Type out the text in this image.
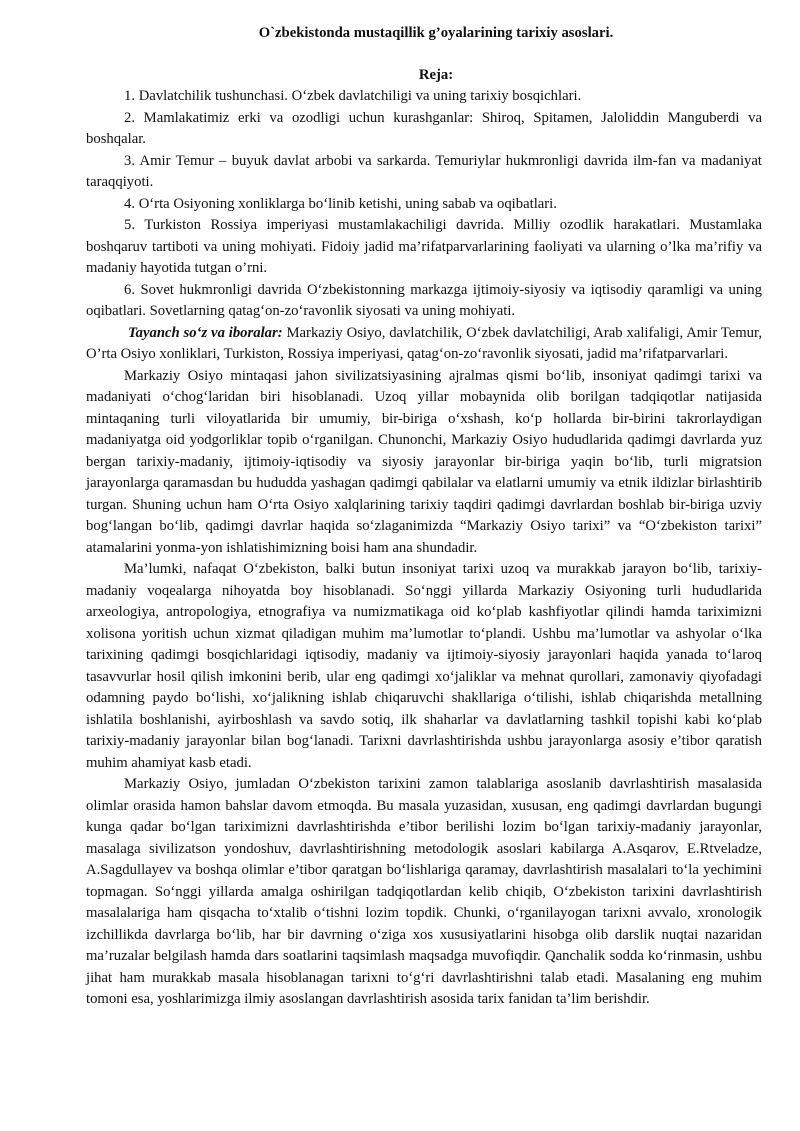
O`zbekistonda mustaqillik g’oyalarining tarixiy asoslari.
Reja:

1. Davlatchilik tushunchasi. O‘zbek davlatchiligi va uning tarixiy bosqichlari.

2. Mamlakatimiz erki va ozodligi uchun kurashganlar: Shiroq, Spitamen, Jaloliddin Manguberdi va boshqalar.

3. Amir Temur – buyuk davlat arbobi va sarkarda. Temuriylar hukmronligi davrida ilm-fan va madaniyat taraqqiyoti.

4. O‘rta Osiyoning xonliklarga bo‘linib ketishi, uning sabab va oqibatlari.

5. Turkiston Rossiya imperiyasi mustamlakachiligi davrida. Milliy ozodlik harakatlari. Mustamlaka boshqaruv tartiboti va uning mohiyati. Fidoiy jadid ma’rifatparvarlarining faoliyati va ularning o’lka ma’rifiy va madaniy hayotida tutgan o’rni.

6. Sovet hukmronligi davrida O‘zbekistonning markazga ijtimoiy-siyosiy va iqtisodiy qaramligi va uning oqibatlari. Sovetlarning qatag‘on-zo‘ravonlik siyosati va uning mohiyati.

Tayanch so‘z va iboralar: Markaziy Osiyo, davlatchilik, O‘zbek davlatchiligi, Arab xalifaligi, Amir Temur, O’rta Osiyo xonliklari, Turkiston, Rossiya imperiyasi, qatag‘on-zo‘ravonlik siyosati, jadid ma’rifatparvarlari.

Markaziy Osiyo mintaqasi jahon sivilizatsiyasining ajralmas qismi bo‘lib, insoniyat qadimgi tarixi va madaniyati o‘chog‘laridan biri hisoblanadi. Uzoq yillar mobaynida olib borilgan tadqiqotlar natijasida mintaqaning turli viloyatlarida bir umumiy, bir-biriga o‘xshash, ko‘p hollarda bir-birini takrorlaydigan madaniyatga oid yodgorliklar topib o‘rganilgan. Chunonchi, Markaziy Osiyo hududlarida qadimgi davrlarda yuz bergan tarixiy-madaniy, ijtimoiy-iqtisodiy va siyosiy jarayonlar bir-biriga yaqin bo‘lib, turli migratsion jarayonlarga qaramasdan bu hududda yashagan qadimgi qabilalar va elatlarni umumiy va etnik ildizlar birlashtirib turgan. Shuning uchun ham O‘rta Osiyo xalqlarining tarixiy taqdiri qadimgi davrlardan boshlab bir-biriga uzviy bog‘langan bo‘lib, qadimgi davrlar haqida so‘zlaganimizda “Markaziy Osiyo tarixi” va “O‘zbekiston tarixi” atamalarini yonma-yon ishlatishimizning boisi ham ana shundadir.

Ma’lumki, nafaqat O‘zbekiston, balki butun insoniyat tarixi uzoq va murakkab jarayon bo‘lib, tarixiy-madaniy voqealarga nihoyatda boy hisoblanadi. So‘nggi yillarda Markaziy Osiyoning turli hududlarida arxeologiya, antropologiya, etnografiya va numizmatikaga oid ko‘plab kashfiyotlar qilindi hamda tariximizni xolisona yoritish uchun xizmat qiladigan muhim ma’lumotlar to‘plandi. Ushbu ma’lumotlar va ashyolar o‘lka tarixining qadimgi bosqichlaridagi iqtisodiy, madaniy va ijtimoiy-siyosiy jarayonlari haqida yanada to‘laroq tasavvurlar hosil qilish imkonini berib, ular eng qadimgi xo‘jaliklar va mehnat qurollari, zamonaviy qiyofadagi odamning paydo bo‘lishi, xo‘jalikning ishlab chiqaruvchi shakllariga o‘tilishi, ishlab chiqarishda metallning ishlatila boshlanishi, ayirboshlash va savdo sotiq, ilk shaharlar va davlatlarning tashkil topishi kabi ko‘plab tarixiy-madaniy jarayonlar bilan bog‘lanadi. Tarixni davrlashtirishda ushbu jarayonlarga asosiy e’tibor qaratish muhim ahamiyat kasb etadi.

Markaziy Osiyo, jumladan O‘zbekiston tarixini zamon talablariga asoslanib davrlashtirish masalasida olimlar orasida hamon bahslar davom etmoqda. Bu masala yuzasidan, xususan, eng qadimgi davrlardan bugungi kunga qadar bo‘lgan tariximizni davrlashtirishda e’tibor berilishi lozim bo‘lgan tarixiy-madaniy jarayonlar, masalaga sivilizatson yondoshuv, davrlashtirishning metodologik asoslari kabilarga A.Asqarov, E.Rtveladze, A.Sagdullayev va boshqa olimlar e’tibor qaratgan bo‘lishlariga qaramay, davrlashtirish masalalari to‘la yechimini topmagan. So‘nggi yillarda amalga oshirilgan tadqiqotlardan kelib chiqib, O‘zbekiston tarixini davrlashtirish masalalariga ham qisqacha to‘xtalib o‘tishni lozim topdik. Chunki, o‘rganilayogan tarixni avvalo, xronologik izchillikda davrlarga bo‘lib, har bir davrning o‘ziga xos xususiyatlarini hisobga olib darslik nuqtai nazaridan ma’ruzalar belgilash hamda dars soatlarini taqsimlash maqsadga muvofiqdir. Qanchalik sodda ko‘rinmasin, ushbu jihat ham murakkab masala hisoblanagan tarixni to‘g‘ri davrlashtirishni talab etadi. Masalaning eng muhim tomoni esa, yoshlarimizga ilmiy asoslangan davrlashtirish asosida tarix fanidan ta’lim berishdir.
